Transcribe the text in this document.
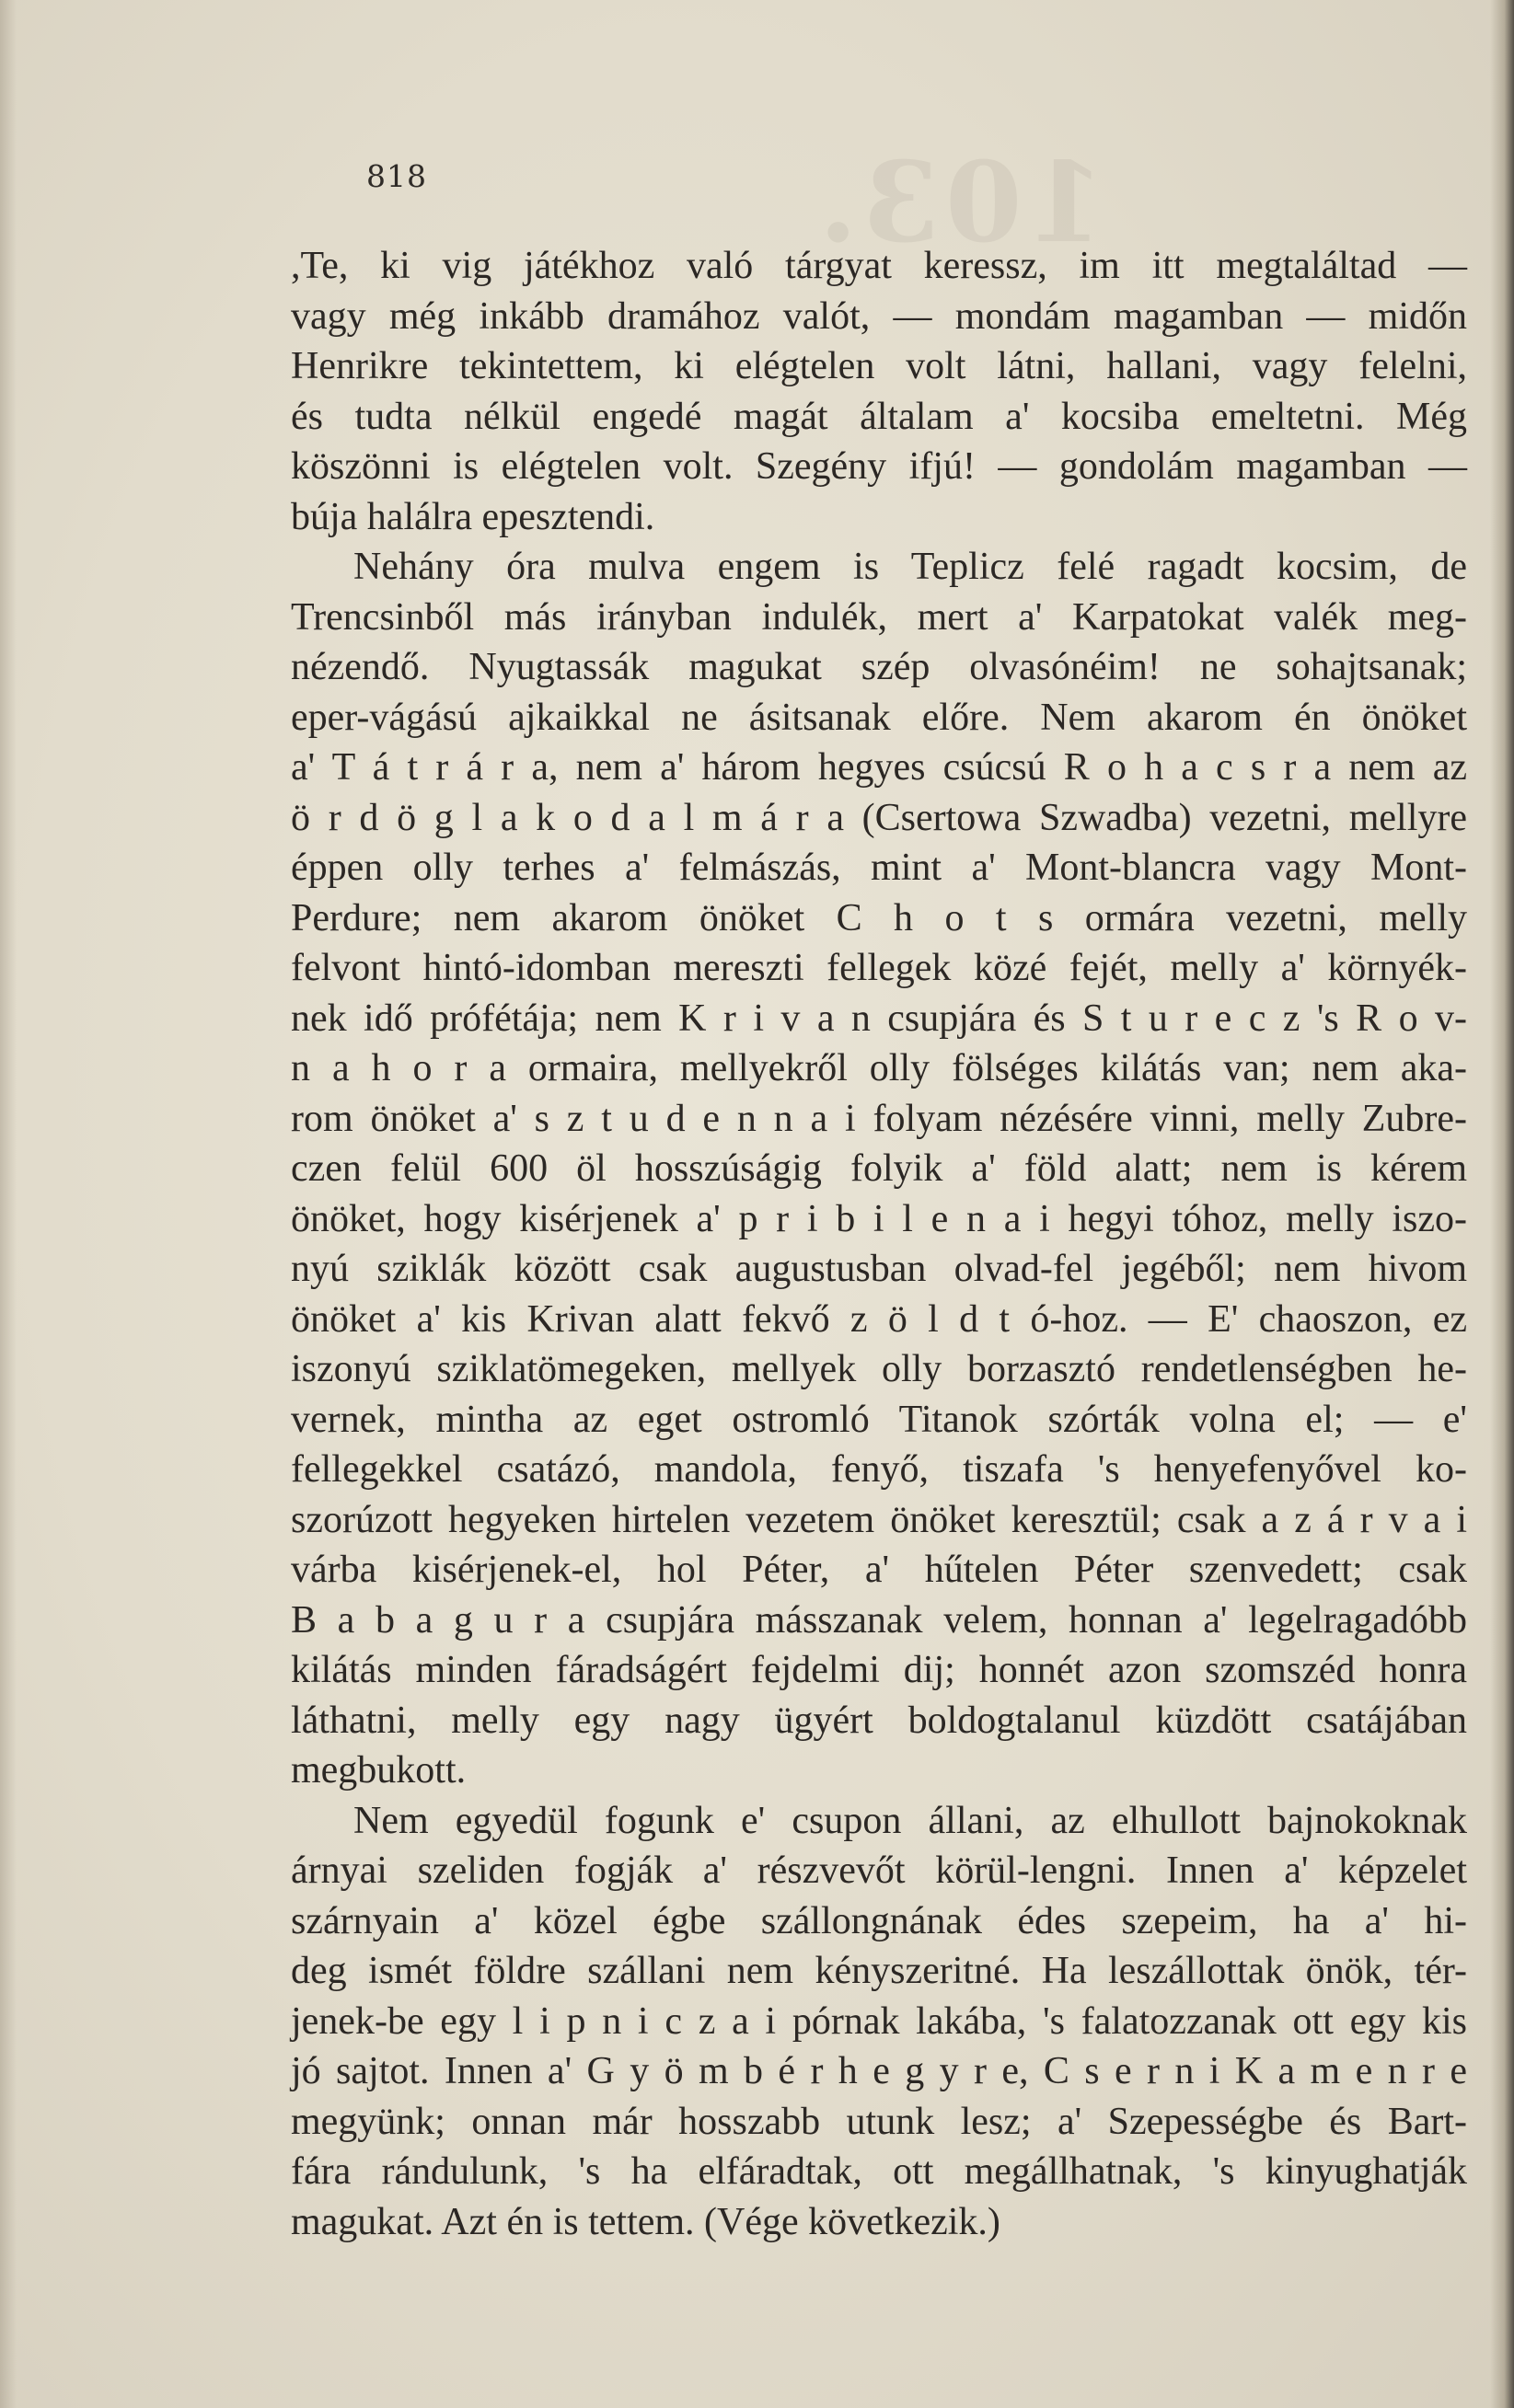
103.
818
,Te, ki vig játékhoz való tárgyat keressz, im itt megtaláltad —
vagy még inkább dramához valót, — mondám magamban — midőn
Henrikre tekintettem, ki elégtelen volt látni, hallani, vagy felelni,
és tudta nélkül engedé magát általam a' kocsiba emeltetni. Még
köszönni is elégtelen volt. Szegény ifjú! — gondolám magamban —
búja halálra epesztendi.
Nehány óra mulva engem is Teplicz felé ragadt kocsim, de
Trencsinből más irányban indulék, mert a' Karpatokat valék meg-
nézendő. Nyugtassák magukat szép olvasónéim! ne sohajtsanak;
eper-vágású ajkaikkal ne ásitsanak előre. Nem akarom én önöket
a' T á t r á r a, nem a' három hegyes csúcsú R o h a c s r a nem az
ö r d ö g l a k o d a l m á r a (Csertowa Szwadba) vezetni, mellyre
éppen olly terhes a' felmászás, mint a' Mont-blancra vagy Mont-
Perdure; nem akarom önöket C h o t s ormára vezetni, melly
felvont hintó-idomban mereszti fellegek közé fejét, melly a' környék-
nek idő prófétája; nem K r i v a n csupjára és S t u r e c z 's R o v-
n a h o r a ormaira, mellyekről olly fölséges kilátás van; nem aka-
rom önöket a' s z t u d e n n a i folyam nézésére vinni, melly Zubre-
czen felül 600 öl hosszúságig folyik a' föld alatt; nem is kérem
önöket, hogy kisérjenek a' p r i b i l e n a i hegyi tóhoz, melly iszo-
nyú sziklák között csak augustusban olvad-fel jegéből; nem hivom
önöket a' kis Krivan alatt fekvő z ö l d t ó-hoz. — E' chaoszon, ez
iszonyú sziklatömegeken, mellyek olly borzasztó rendetlenségben he-
vernek, mintha az eget ostromló Titanok szórták volna el; — e'
fellegekkel csatázó, mandola, fenyő, tiszafa 's henyefenyővel ko-
szorúzott hegyeken hirtelen vezetem önöket keresztül; csak a z á r v a i
várba kisérjenek-el, hol Péter, a' hűtelen Péter szenvedett; csak
B a b a g u r a csupjára másszanak velem, honnan a' legelragadóbb
kilátás minden fáradságért fejdelmi dij; honnét azon szomszéd honra
láthatni, melly egy nagy ügyért boldogtalanul küzdött csatájában
megbukott.
Nem egyedül fogunk e' csupon állani, az elhullott bajnokoknak
árnyai szeliden fogják a' részvevőt körül-lengni. Innen a' képzelet
szárnyain a' közel égbe szállongnának édes szepeim, ha a' hi-
deg ismét földre szállani nem kényszeritné. Ha leszállottak önök, tér-
jenek-be egy l i p n i c z a i pórnak lakába, 's falatozzanak ott egy kis
jó sajtot. Innen a' G y ö m b é r h e g y r e, C s e r n i K a m e n r e
megyünk; onnan már hosszabb utunk lesz; a' Szepességbe és Bart-
fára rándulunk, 's ha elfáradtak, ott megállhatnak, 's kinyughatják
magukat. Azt én is tettem. (Vége következik.)
